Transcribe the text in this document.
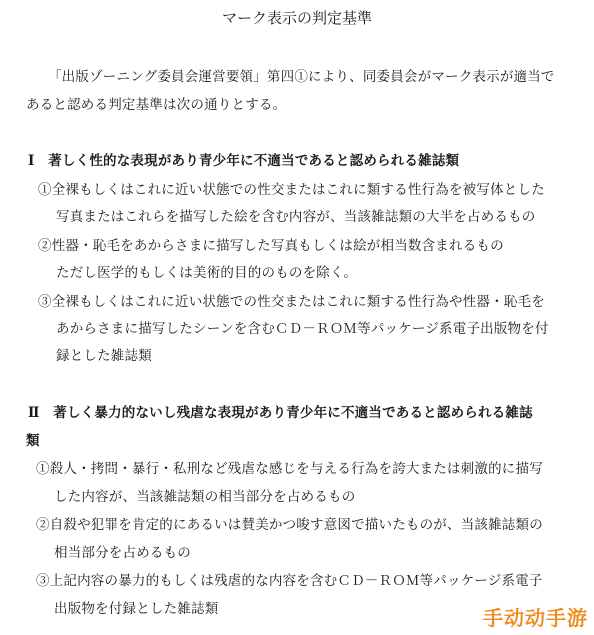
マーク表示の判定基準
「出版ゾーニング委員会運営要領」第四①により、同委員会がマーク表示が適当で
あると認める判定基準は次の通りとする。
Ⅰ　著しく性的な表現があり青少年に不適当であると認められる雑誌類
①全裸もしくはこれに近い状態での性交またはこれに類する性行為を被写体とした
写真またはこれらを描写した絵を含む内容が、当該雑誌類の大半を占めるもの
②性器・恥毛をあからさまに描写した写真もしくは絵が相当数含まれるもの
ただし医学的もしくは美術的目的のものを除く。
③全裸もしくはこれに近い状態での性交またはこれに類する性行為や性器・恥毛を
あからさまに描写したシーンを含むＣＤ－ＲＯＭ等パッケージ系電子出版物を付
録とした雑誌類
Ⅱ　著しく暴力的ないし残虐な表現があり青少年に不適当であると認められる雑誌
類
①殺人・拷問・暴行・私刑など残虐な感じを与える行為を誇大または刺激的に描写
した内容が、当該雑誌類の相当部分を占めるもの
②自殺や犯罪を肯定的にあるいは賛美かつ唆す意図で描いたものが、当該雑誌類の
相当部分を占めるもの
③上記内容の暴力的もしくは残虐的な内容を含むＣＤ－ＲＯＭ等パッケージ系電子
出版物を付録とした雑誌類	手动动手游
